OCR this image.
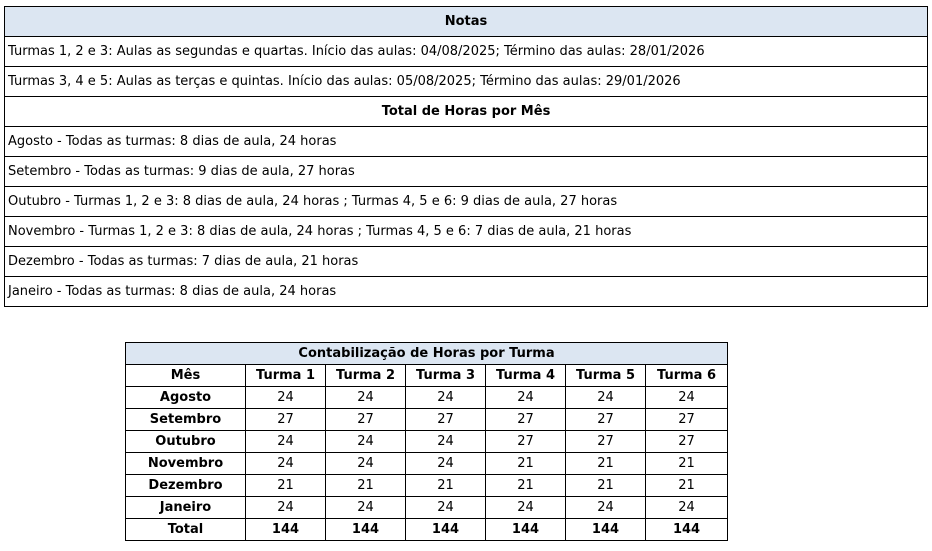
Notas
Turmas 1, 2 e 3: Aulas as segundas e quartas. Início das aulas: 04/08/2025; Término das aulas: 28/01/2026
Turmas 3, 4 e 5: Aulas as terças e quintas. Início das aulas: 05/08/2025; Término das aulas: 29/01/2026
Total de Horas por Mês
Agosto - Todas as turmas: 8 dias de aula, 24 horas
Setembro - Todas as turmas: 9 dias de aula, 27 horas
Outubro - Turmas 1, 2 e 3: 8 dias de aula, 24 horas ; Turmas 4, 5 e 6: 9 dias de aula, 27 horas
Novembro - Turmas 1, 2 e 3: 8 dias de aula, 24 horas ; Turmas 4, 5 e 6: 7 dias de aula, 21 horas
Dezembro - Todas as turmas: 7 dias de aula, 21 horas
Janeiro - Todas as turmas: 8 dias de aula, 24 horas
Contabilização de Horas por Turma						
Mês	Turma 1	Turma 2	Turma 3	Turma 4	Turma 5	Turma 6
Agosto	24	24	24	24	24	24
Setembro	27	27	27	27	27	27
Outubro	24	24	24	27	27	27
Novembro	24	24	24	21	21	21
Dezembro	21	21	21	21	21	21
Janeiro	24	24	24	24	24	24
Total	144	144	144	144	144	144
